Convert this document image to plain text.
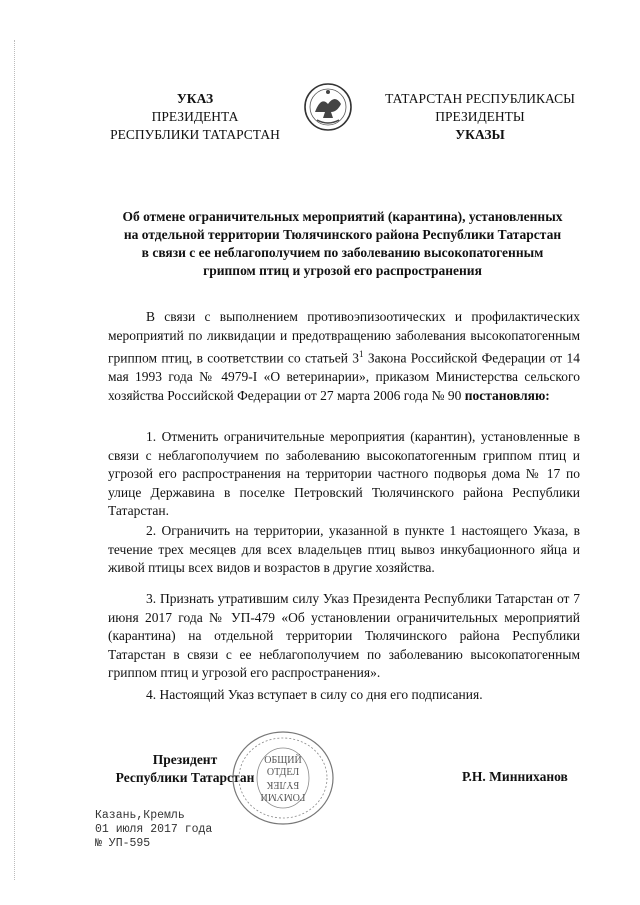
УКАЗ
ПРЕЗИДЕНТА
РЕСПУБЛИКИ ТАТАРСТАН
ТАТАРСТАН РЕСПУБЛИКАСЫ
ПРЕЗИДЕНТЫ
УКАЗЫ
Об отмене ограничительных мероприятий (карантина), установленных
на отдельной территории Тюлячинского района Республики Татарстан
в связи с ее неблагополучием по заболеванию высокопатогенным
гриппом птиц и угрозой его распространения

В связи с выполнением противоэпизоотических и профилактических мероприятий по ликвидации и предотвращению заболевания высокопатогенным гриппом птиц, в соответствии со статьей $3^1$ Закона Российской Федерации от 14 мая 1993 года № 4979-I «О ветеринарии», приказом Министерства сельского хозяйства Российской Федерации от 27 марта 2006 года № 90 постановляю:

1. Отменить ограничительные мероприятия (карантин), установленные в связи с неблагополучием по заболеванию высокопатогенным гриппом птиц и угрозой его распространения на территории частного подворья дома № 17 по улице Державина в поселке Петровский Тюлячинского района Республики Татарстан.

2. Ограничить на территории, указанной в пункте 1 настоящего Указа, в течение трех месяцев для всех владельцев птиц вывоз инкубационного яйца и живой птицы всех видов и возрастов в другие хозяйства.

3. Признать утратившим силу Указ Президента Республики Татарстан от 7 июня 2017 года № УП-479 «Об установлении ограничительных мероприятий (карантина) на отдельной территории Тюлячинского района Республики Татарстан в связи с ее неблагополучием по заболеванию высокопатогенным гриппом птиц и угрозой его распространения».

4. Настоящий Указ вступает в силу со дня его подписания.

Президент
Республики Татарстан
ОБЩИЙ
ОТДЕЛ
БҮЛЕК
ГОМУМИ
Р.Н. Минниханов
Казань,Кремль
01 июля 2017 года
№ УП-595
